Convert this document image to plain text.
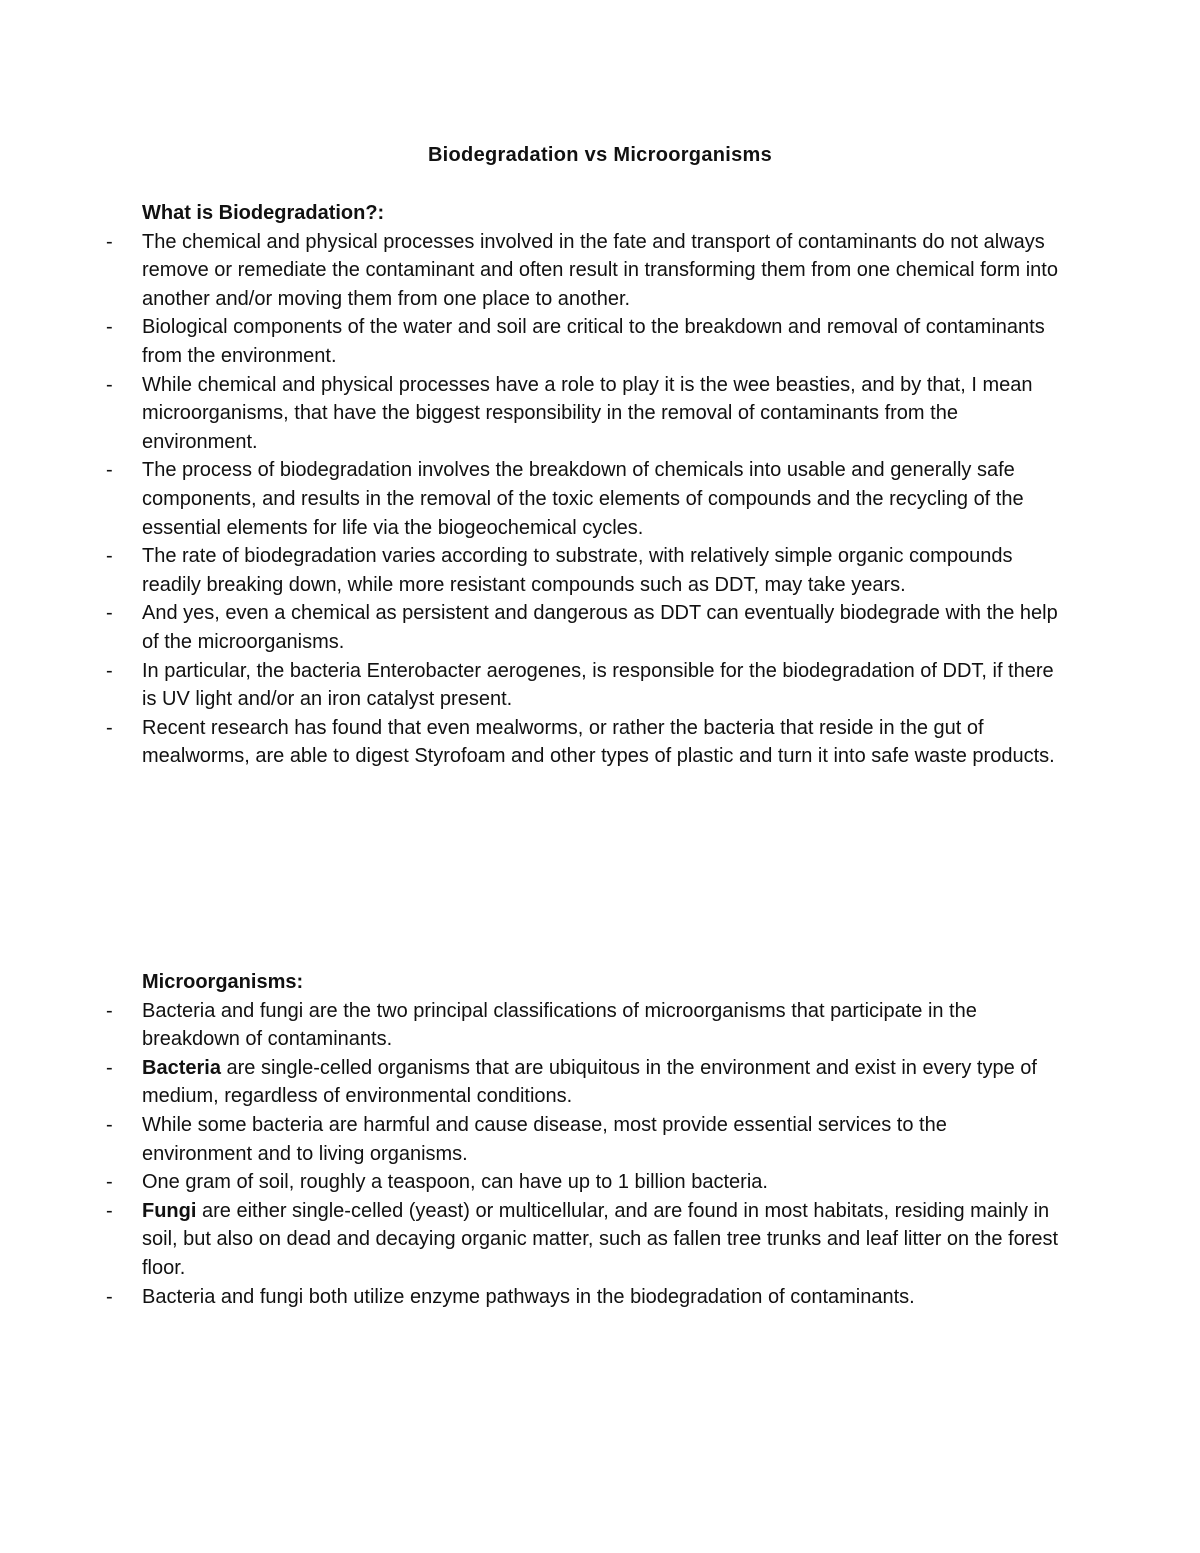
Biodegradation vs Microorganisms
What is Biodegradation?:
-	The chemical and physical processes involved in the fate and transport of contaminants do not always remove or remediate the contaminant and often result in transforming them from one chemical form into another and/or moving them from one place to another.
-	Biological components of the water and soil are critical to the breakdown and removal of contaminants from the environment.
-	While chemical and physical processes have a role to play it is the wee beasties, and by that, I mean microorganisms, that have the biggest responsibility in the removal of contaminants from the environment.
-	The process of biodegradation involves the breakdown of chemicals into usable and generally safe components, and results in the removal of the toxic elements of compounds and the recycling of the essential elements for life via the biogeochemical cycles.
-	The rate of biodegradation varies according to substrate, with relatively simple organic compounds readily breaking down, while more resistant compounds such as DDT, may take years.
-	And yes, even a chemical as persistent and dangerous as DDT can eventually biodegrade with the help of the microorganisms.
-	In particular, the bacteria Enterobacter aerogenes, is responsible for the biodegradation of DDT, if there is UV light and/or an iron catalyst present.
-	Recent research has found that even mealworms, or rather the bacteria that reside in the gut of mealworms, are able to digest Styrofoam and other types of plastic and turn it into safe waste products.
Microorganisms:
-	Bacteria and fungi are the two principal classifications of microorganisms that participate in the breakdown of contaminants.
-	Bacteria are single-celled organisms that are ubiquitous in the environment and exist in every type of medium, regardless of environmental conditions.
-	While some bacteria are harmful and cause disease, most provide essential services to the environment and to living organisms.
-	One gram of soil, roughly a teaspoon, can have up to 1 billion bacteria.
-	Fungi are either single-celled (yeast) or multicellular, and are found in most habitats, residing mainly in soil, but also on dead and decaying organic matter, such as fallen tree trunks and leaf litter on the forest floor.
-	Bacteria and fungi both utilize enzyme pathways in the biodegradation of contaminants.
